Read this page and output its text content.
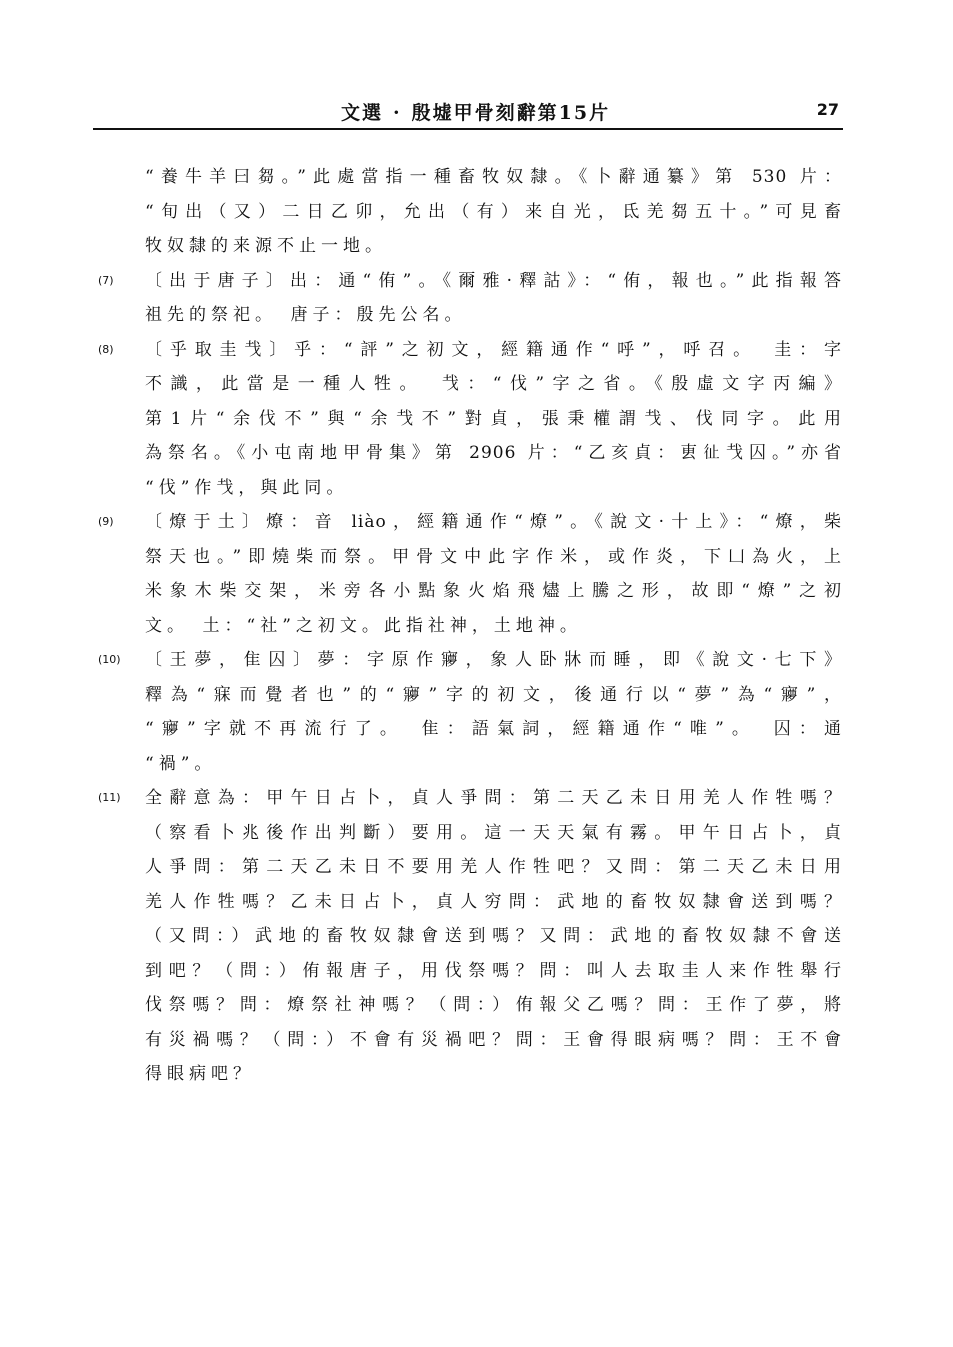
文選 · 殷墟甲骨刻辭第15片	27
“養牛羊曰芻。”此處當指一種畜牧奴隸。《卜辭通纂》第 530 片：
“旬出（又）二日乙卯，允出（有）来自光，氐羌芻五十。”可見畜
牧奴隸的来源不止一地。
(7) 〔出于唐子〕出：通“侑”。《爾雅·釋詁》：“侑，報也。”此指報答
祖先的祭祀。　唐子：殷先公名。
(8) 〔乎取圭𢦏〕乎：“評”之初文，經籍通作“呼”，呼召。　圭：字
不識，此當是一種人牲。　𢦏：“伐”字之省。《殷虛文字丙編》
第1片“余伐不”與“余𢦏不”對貞，張秉權謂𢦏、伐同字。此用
為祭名。《小屯南地甲骨集》第 2906 片：“乙亥貞：叀𢓊𢦏囚。”亦省
“伐”作𢦏，與此同。
(9) 〔燎于土〕燎：音 liào，經籍通作“燎”。《說文·十上》：“燎，柴
祭天也。”即燒柴而祭。甲骨文中此字作米，或作炎，下凵為火，上
米象木柴交架，米旁各小點象火焰飛燼上騰之形，故即“燎”之初
文。　土：“社”之初文。此指社神，土地神。
(10) 〔王夢，隹囚〕夢：字原作㝱，象人卧牀而睡，即《說文·七下》
釋為“寐而覺者也”的“㝱”字的初文，後通行以“夢”為“㝱”，
“㝱”字就不再流行了。　隹：語氣詞，經籍通作“唯”。　囚：通
“禍”。
(11) 全辭意為：甲午日占卜，貞人爭問：第二天乙未日用羌人作牲嗎？
（察看卜兆後作出判斷）要用。這一天天氣有霧。甲午日占卜，貞
人爭問：第二天乙未日不要用羌人作牲吧？又問：第二天乙未日用
羌人作牲嗎？乙未日占卜，貞人穷問：武地的畜牧奴隸會送到嗎？
（又問：）武地的畜牧奴隸會送到嗎？又問：武地的畜牧奴隸不會送
到吧？（問：）侑報唐子，用伐祭嗎？問：叫人去取圭人来作牲舉行
伐祭嗎？問：燎祭社神嗎？（問：）侑報父乙嗎？問：王作了夢，將
有災禍嗎？（問：）不會有災禍吧？問：王會得眼病嗎？問：王不會
得眼病吧？
